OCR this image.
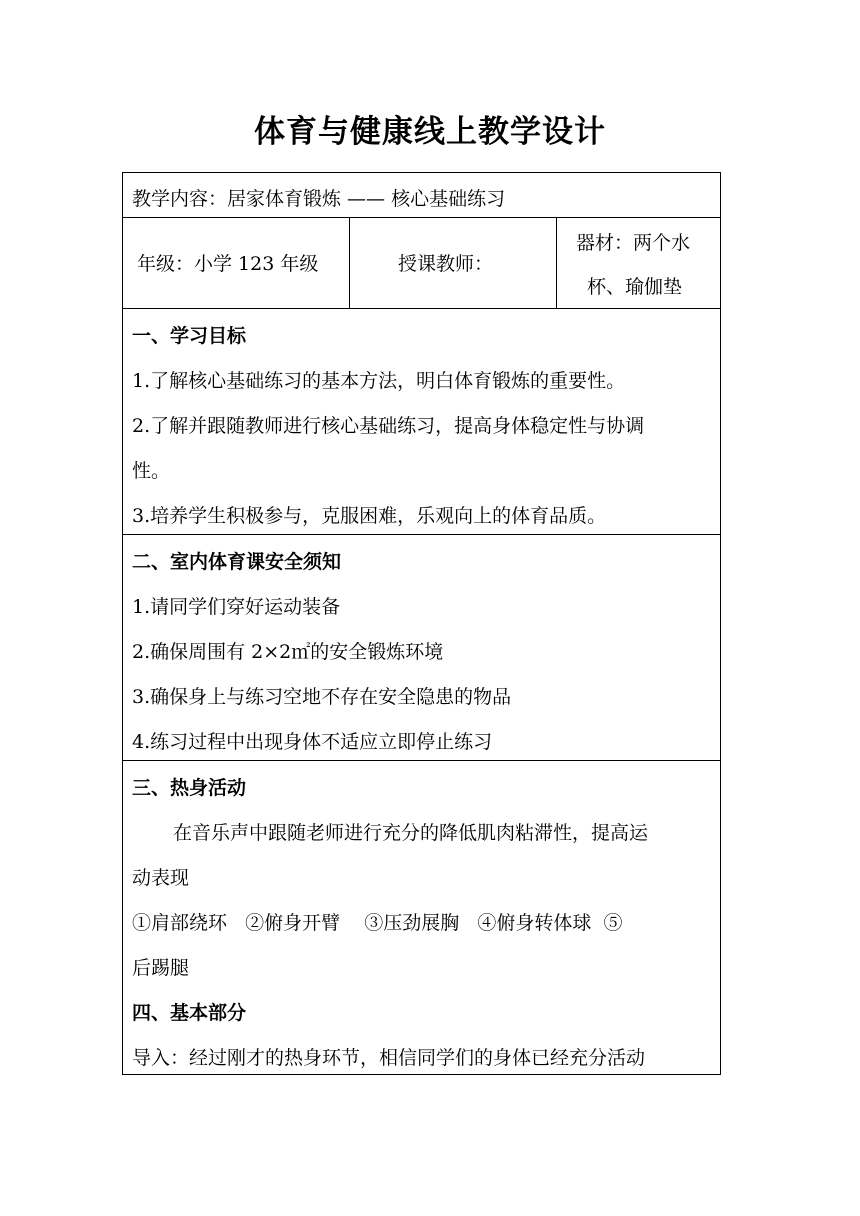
体育与健康线上教学设计
教学内容：居家体育锻炼 —— 核心基础练习
年级：小学 123 年级	授课教师：
器材：两个水
杯、瑜伽垫
一、学习目标
1.了解核心基础练习的基本方法，明白体育锻炼的重要性。
2.了解并跟随教师进行核心基础练习，提高身体稳定性与协调
性。
3.培养学生积极参与，克服困难，乐观向上的体育品质。
二、室内体育课安全须知
1.请同学们穿好运动装备
2.确保周围有 2×2㎡的安全锻炼环境
3.确保身上与练习空地不存在安全隐患的物品
4.练习过程中出现身体不适应立即停止练习
三、热身活动
在音乐声中跟随老师进行充分的降低肌肉粘滞性，提高运
动表现
①肩部绕环   ②俯身开臂    ③压劲展胸   ④俯身转体球  ⑤
后踢腿
四、基本部分
导入：经过刚才的热身环节，相信同学们的身体已经充分活动
